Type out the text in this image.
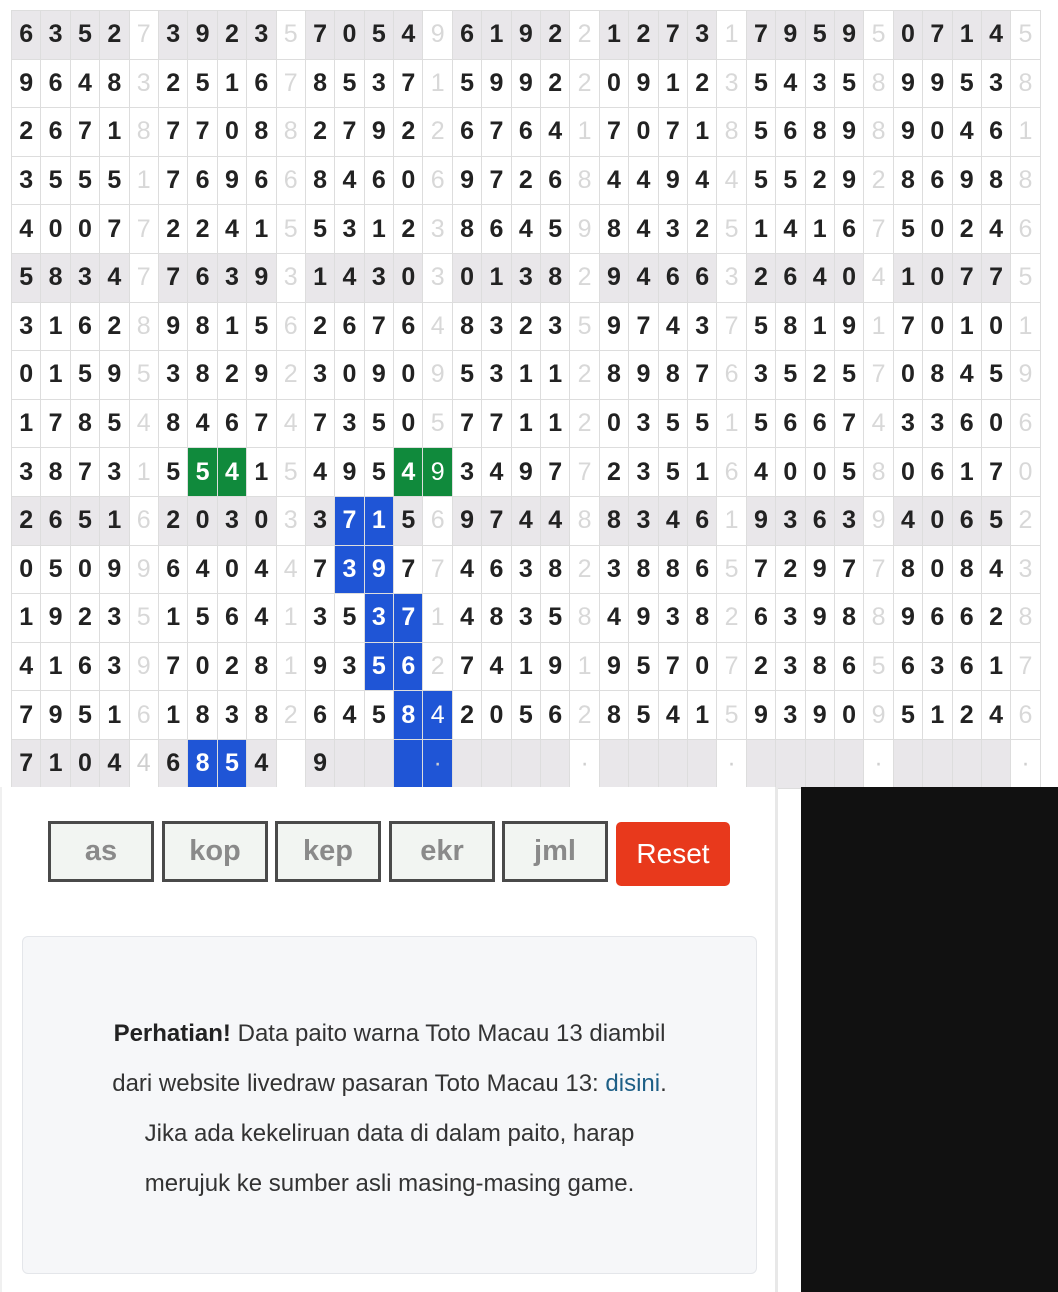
6	3	5	2	7	3	9	2	3	5	7	0	5	4	9	6	1	9	2	2	1	2	7	3	1	7	9	5	9	5	0	7	1	4	5
9	6	4	8	3	2	5	1	6	7	8	5	3	7	1	5	9	9	2	2	0	9	1	2	3	5	4	3	5	8	9	9	5	3	8
2	6	7	1	8	7	7	0	8	8	2	7	9	2	2	6	7	6	4	1	7	0	7	1	8	5	6	8	9	8	9	0	4	6	1
3	5	5	5	1	7	6	9	6	6	8	4	6	0	6	9	7	2	6	8	4	4	9	4	4	5	5	2	9	2	8	6	9	8	8
4	0	0	7	7	2	2	4	1	5	5	3	1	2	3	8	6	4	5	9	8	4	3	2	5	1	4	1	6	7	5	0	2	4	6
5	8	3	4	7	7	6	3	9	3	1	4	3	0	3	0	1	3	8	2	9	4	6	6	3	2	6	4	0	4	1	0	7	7	5
3	1	6	2	8	9	8	1	5	6	2	6	7	6	4	8	3	2	3	5	9	7	4	3	7	5	8	1	9	1	7	0	1	0	1
0	1	5	9	5	3	8	2	9	2	3	0	9	0	9	5	3	1	1	2	8	9	8	7	6	3	5	2	5	7	0	8	4	5	9
1	7	8	5	4	8	4	6	7	4	7	3	5	0	5	7	7	1	1	2	0	3	5	5	1	5	6	6	7	4	3	3	6	0	6
3	8	7	3	1	5	5	4	1	5	4	9	5	4	9	3	4	9	7	7	2	3	5	1	6	4	0	0	5	8	0	6	1	7	0
2	6	5	1	6	2	0	3	0	3	3	7	1	5	6	9	7	4	4	8	8	3	4	6	1	9	3	6	3	9	4	0	6	5	2
0	5	0	9	9	6	4	0	4	4	7	3	9	7	7	4	6	3	8	2	3	8	8	6	5	7	2	9	7	7	8	0	8	4	3
1	9	2	3	5	1	5	6	4	1	3	5	3	7	1	4	8	3	5	8	4	9	3	8	2	6	3	9	8	8	9	6	6	2	8
4	1	6	3	9	7	0	2	8	1	9	3	5	6	2	7	4	1	9	1	9	5	7	0	7	2	3	8	6	5	6	3	6	1	7
7	9	5	1	6	1	8	3	8	2	6	4	5	8	4	2	0	5	6	2	8	5	4	1	5	9	3	9	0	9	5	1	2	4	6
7	1	0	4	4	6	8	5	4		9				·					·					·					·					·
as	kop	kep	ekr	jml	Reset
Perhatian! Data paito warna Toto Macau 13 diambil
dari website livedraw pasaran Toto Macau 13: disini.
Jika ada kekeliruan data di dalam paito, harap
merujuk ke sumber asli masing-masing game.
